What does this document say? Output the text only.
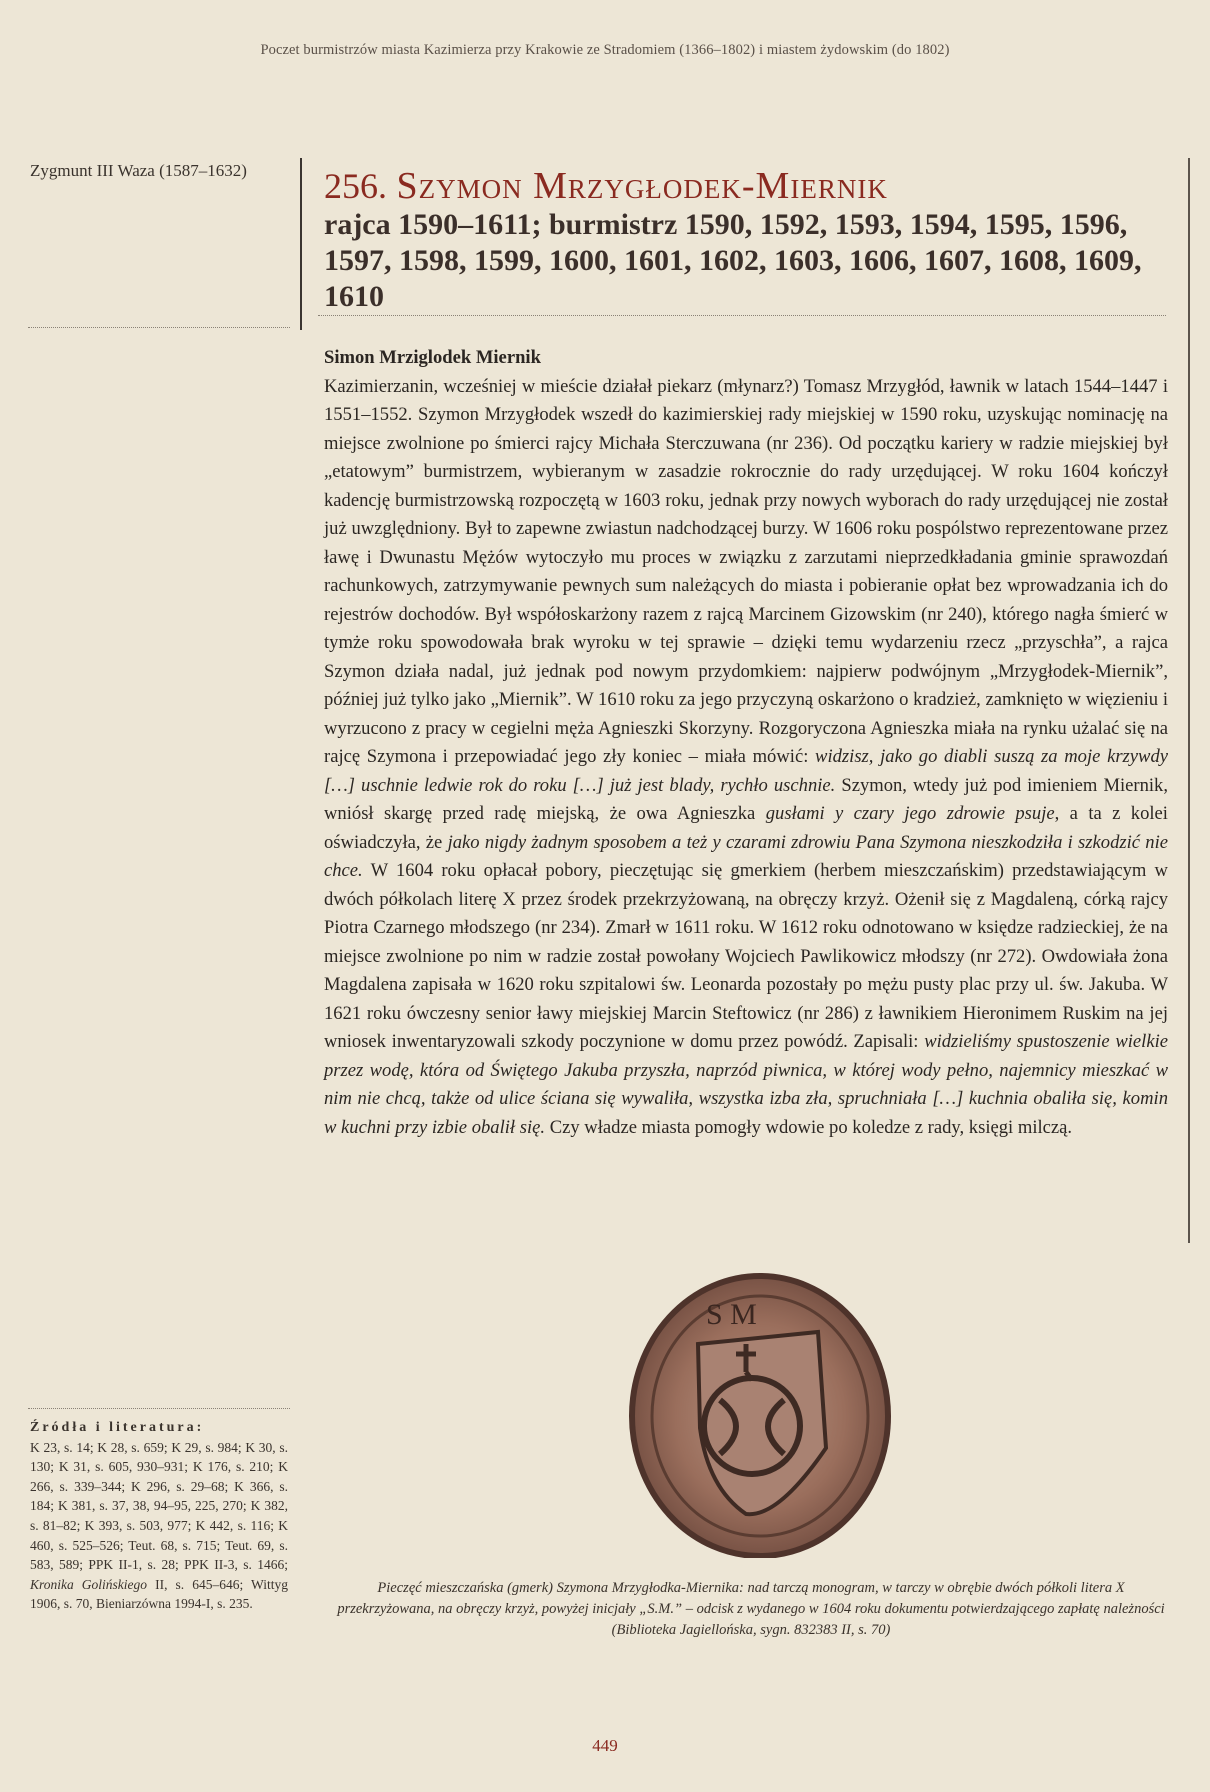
Poczet burmistrzów miasta Kazimierza przy Krakowie ze Stradomiem (1366–1802) i miastem żydowskim (do 1802)
Zygmunt III Waza (1587–1632)	256. Szymon Mrzygłodek-Miernik
rajca 1590–1611; burmistrz 1590, 1592, 1593, 1594, 1595, 1596, 1597, 1598, 1599, 1600, 1601, 1602, 1603, 1606, 1607, 1608, 1609, 1610
Simon Mrziglodek Miernik

Kazimierzanin, wcześniej w mieście działał piekarz (młynarz?) Tomasz Mrzygłód, ławnik w latach 1544–1447 i 1551–1552. Szymon Mrzygłodek wszedł do kazimierskiej rady miejskiej w 1590 roku, uzyskując nominację na miejsce zwolnione po śmierci rajcy Michała Sterczuwana (nr 236). Od początku kariery w radzie miejskiej był „etatowym” burmistrzem, wybieranym w zasadzie rokrocznie do rady urzędującej. W roku 1604 kończył kadencję burmistrzowską rozpoczętą w 1603 roku, jednak przy nowych wyborach do rady urzędującej nie został już uwzględniony. Był to zapewne zwiastun nadchodzącej burzy. W 1606 roku pospólstwo reprezentowane przez ławę i Dwunastu Mężów wytoczyło mu proces w związku z zarzutami nieprzedkładania gminie sprawozdań rachunkowych, zatrzymywanie pewnych sum należących do miasta i pobieranie opłat bez wprowadzania ich do rejestrów dochodów. Był współoskarżony razem z rajcą Marcinem Gizowskim (nr 240), którego nagła śmierć w tymże roku spowodowała brak wyroku w tej sprawie – dzięki temu wydarzeniu rzecz „przyschła”, a rajca Szymon działa nadal, już jednak pod nowym przydomkiem: najpierw podwójnym „Mrzygłodek-Miernik”, później już tylko jako „Miernik”. W 1610 roku za jego przyczyną oskarżono o kradzież, zamknięto w więzieniu i wyrzucono z pracy w cegielni męża Agnieszki Skorzyny. Rozgoryczona Agnieszka miała na rynku użalać się na rajcę Szymona i przepowiadać jego zły koniec – miała mówić: widzisz, jako go diabli suszą za moje krzywdy […] uschnie ledwie rok do roku […] już jest blady, rychło uschnie. Szymon, wtedy już pod imieniem Miernik, wniósł skargę przed radę miejską, że owa Agnieszka gusłami y czary jego zdrowie psuje, a ta z kolei oświadczyła, że jako nigdy żadnym sposobem a też y czarami zdrowiu Pana Szymona nieszkodziła i szkodzić nie chce. W 1604 roku opłacał pobory, pieczętując się gmerkiem (herbem mieszczańskim) przedstawiającym w dwóch półkolach literę X przez środek przekrzyżowaną, na obręczy krzyż. Ożenił się z Magdaleną, córką rajcy Piotra Czarnego młodszego (nr 234). Zmarł w 1611 roku. W 1612 roku odnotowano w księdze radzieckiej, że na miejsce zwolnione po nim w radzie został powołany Wojciech Pawlikowicz młodszy (nr 272). Owdowiała żona Magdalena zapisała w 1620 roku szpitalowi św. Leonarda pozostały po mężu pusty plac przy ul. św. Jakuba. W 1621 roku ówczesny senior ławy miejskiej Marcin Steftowicz (nr 286) z ławnikiem Hieronimem Ruskim na jej wniosek inwentaryzowali szkody poczynione w domu przez powódź. Zapisali: widzieliśmy spustoszenie wielkie przez wodę, która od Świętego Jakuba przyszła, naprzód piwnica, w której wody pełno, najemnicy mieszkać w nim nie chcą, także od ulice ściana się wywaliła, wszystka izba zła, spruchniała […] kuchnia obaliła się, komin w kuchni przy izbie obalił się. Czy władze miasta pomogły wdowie po koledze z rady, księgi milczą.

S M
Pieczęć mieszczańska (gmerk) Szymona Mrzygłodka-Miernika: nad tarczą monogram, w tarczy w obrębie dwóch półkoli litera X przekrzyżowana, na obręczy krzyż, powyżej inicjały „S.M.” – odcisk z wydanego w 1604 roku dokumentu potwierdzającego zapłatę należności (Biblioteka Jagiellońska, sygn. 832383 II, s. 70)
Źródła i literatura:
K 23, s. 14; K 28, s. 659; K 29, s. 984; K 30, s. 130; K 31, s. 605, 930–931; K 176, s. 210; K 266, s. 339–344; K 296, s. 29–68; K 366, s. 184; K 381, s. 37, 38, 94–95, 225, 270; K 382, s. 81–82; K 393, s. 503, 977; K 442, s. 116; K 460, s. 525–526; Teut. 68, s. 715; Teut. 69, s. 583, 589; PPK II-1, s. 28; PPK II-3, s. 1466; Kronika Golińskiego II, s. 645–646; Wittyg 1906, s. 70, Bieniarzówna 1994-I, s. 235.
449
